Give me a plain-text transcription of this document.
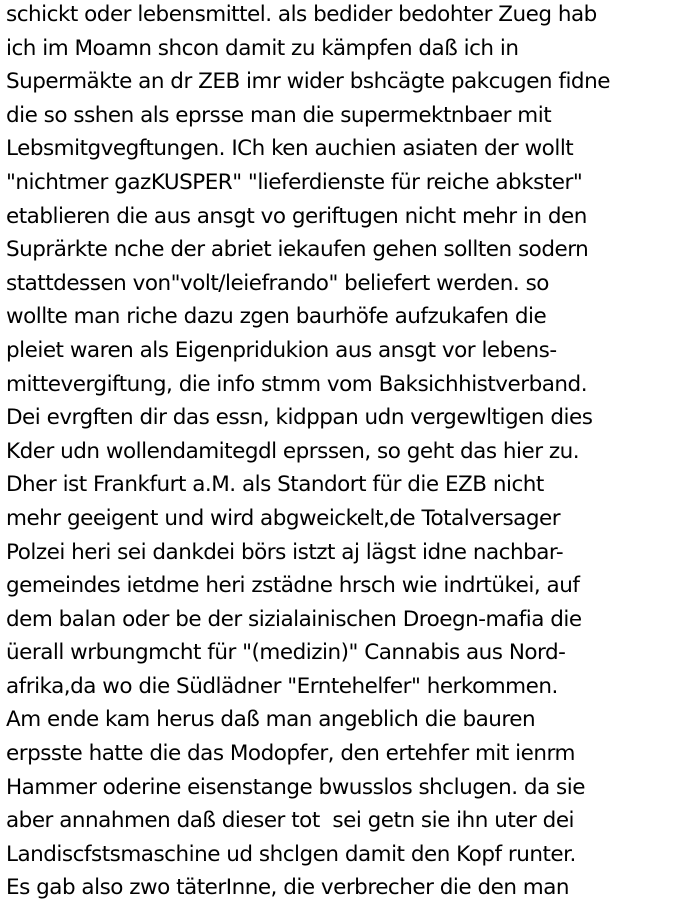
schickt oder lebensmittel. als bedider bedohter Zueg hab
ich im Moamn shcon damit zu kämpfen daß ich in
Supermäkte an dr ZEB imr wider bshcägte pakcugen fidne
die so sshen als eprsse man die supermektnbaer mit
Lebsmitgvegftungen. ICh ken auchien asiaten der wollt
"nichtmer gazKUSPER" "lieferdienste für reiche abkster"
etablieren die aus ansgt vo geriftugen nicht mehr in den
Suprärkte nche der abriet iekaufen gehen sollten sodern
stattdessen von"volt/leiefrando" beliefert werden. so
wollte man riche dazu zgen baurhöfe aufzukafen die
pleiet waren als Eigenpridukion aus ansgt vor lebens-
mittevergiftung, die info stmm vom Baksichhistverband.
Dei evrgften dir das essn, kidppan udn vergewltigen dies
Kder udn wollendamitegdl eprssen, so geht das hier zu.
Dher ist Frankfurt a.M. als Standort für die EZB nicht
mehr geeigent und wird abgweickelt,de Totalversager
Polzei heri sei dankdei börs istzt aj lägst idne nachbar-
gemeindes ietdme heri zstädne hrsch wie indrtükei, auf
dem balan oder be der sizialainischen Droegn-mafia die
üerall wrbungmcht für "(medizin)" Cannabis aus Nord-
afrika,da wo die Südlädner "Erntehelfer" herkommen.
Am ende kam herus daß man angeblich die bauren
erpsste hatte die das Modopfer, den ertehfer mit ienrm
Hammer oderine eisenstange bwusslos shclugen. da sie
aber annahmen daß dieser tot  sei getn sie ihn uter dei
Landiscfstsmaschine ud shclgen damit den Kopf runter.
Es gab also zwo täterInne, die verbrecher die den man
